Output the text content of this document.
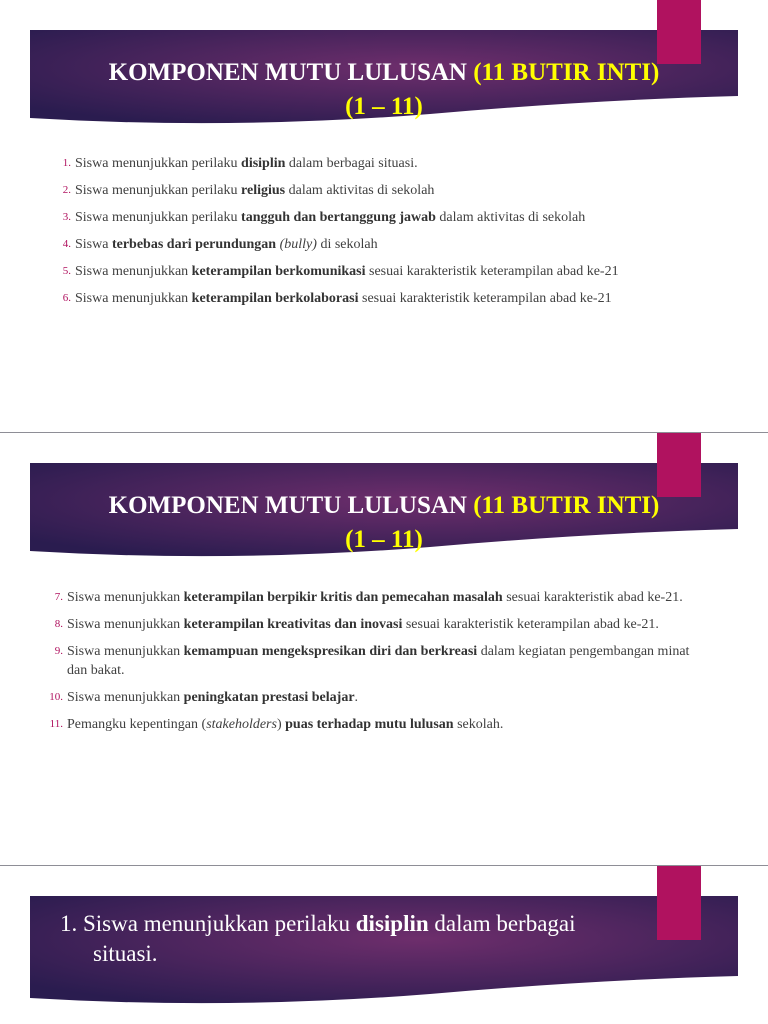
KOMPONEN MUTU LULUSAN (11 BUTIR INTI)
(1 – 11)
1. Siswa menunjukkan perilaku disiplin dalam berbagai situasi.
2. Siswa menunjukkan perilaku religius dalam aktivitas di sekolah
3. Siswa menunjukkan perilaku tangguh dan bertanggung jawab dalam aktivitas di sekolah
4. Siswa terbebas dari perundungan (bully) di sekolah
5. Siswa menunjukkan keterampilan berkomunikasi sesuai karakteristik keterampilan abad ke-21
6. Siswa menunjukkan keterampilan berkolaborasi sesuai karakteristik keterampilan abad ke-21
KOMPONEN MUTU LULUSAN (11 BUTIR INTI)
(1 – 11)
7. Siswa menunjukkan keterampilan berpikir kritis dan pemecahan masalah sesuai karakteristik abad ke-21.
8. Siswa menunjukkan keterampilan kreativitas dan inovasi sesuai karakteristik keterampilan abad ke-21.
9. Siswa menunjukkan kemampuan mengekspresikan diri dan berkreasi dalam kegiatan pengembangan minat dan bakat.
10. Siswa menunjukkan peningkatan prestasi belajar.
11. Pemangku kepentingan (stakeholders) puas terhadap mutu lulusan sekolah.
1. Siswa menunjukkan perilaku disiplin dalam berbagai
situasi.
